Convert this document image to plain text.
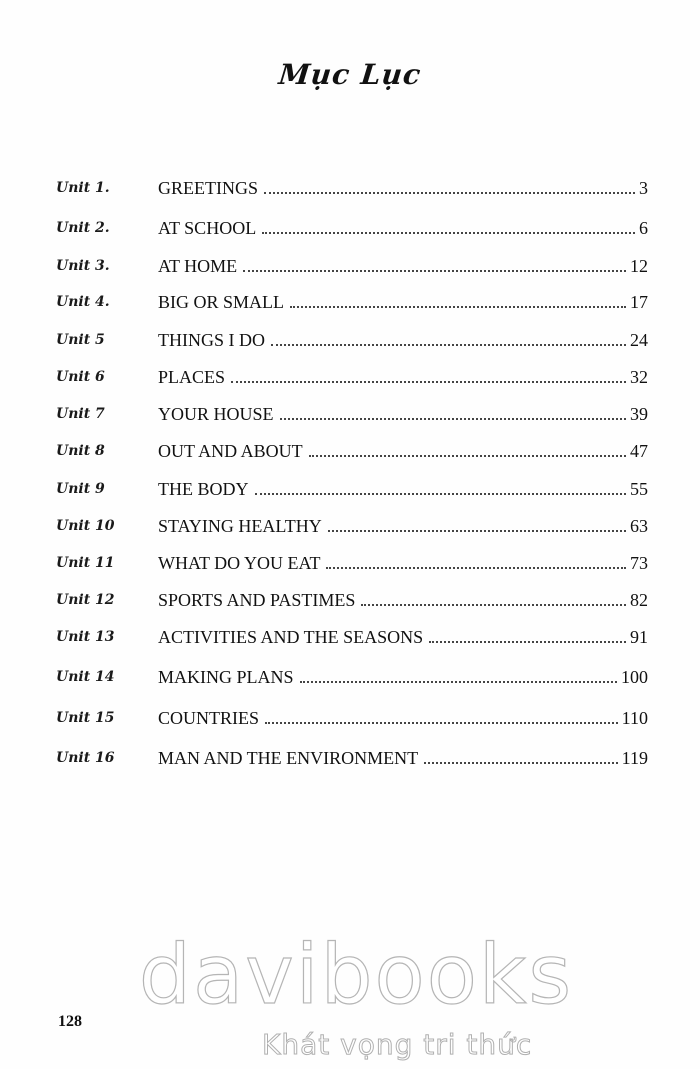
Mục Lục
Unit 1.	GREETINGS	3
Unit 2.	AT SCHOOL	6
Unit 3.	AT HOME	12
Unit 4.	BIG OR SMALL	17
Unit 5	THINGS I DO	24
Unit 6	PLACES	32
Unit 7	YOUR HOUSE	39
Unit 8	OUT AND ABOUT	47
Unit 9	THE BODY	55
Unit 10 STAYING HEALTHY	63
Unit 11 WHAT DO YOU EAT	73
Unit 12 SPORTS AND PASTIMES	82
Unit 13 ACTIVITIES AND THE SEASONS	91
Unit 14 MAKING PLANS	100
Unit 15 COUNTRIES	110
Unit 16 MAN AND THE ENVIRONMENT	119
128 davibooks
Khát vọng tri thức
